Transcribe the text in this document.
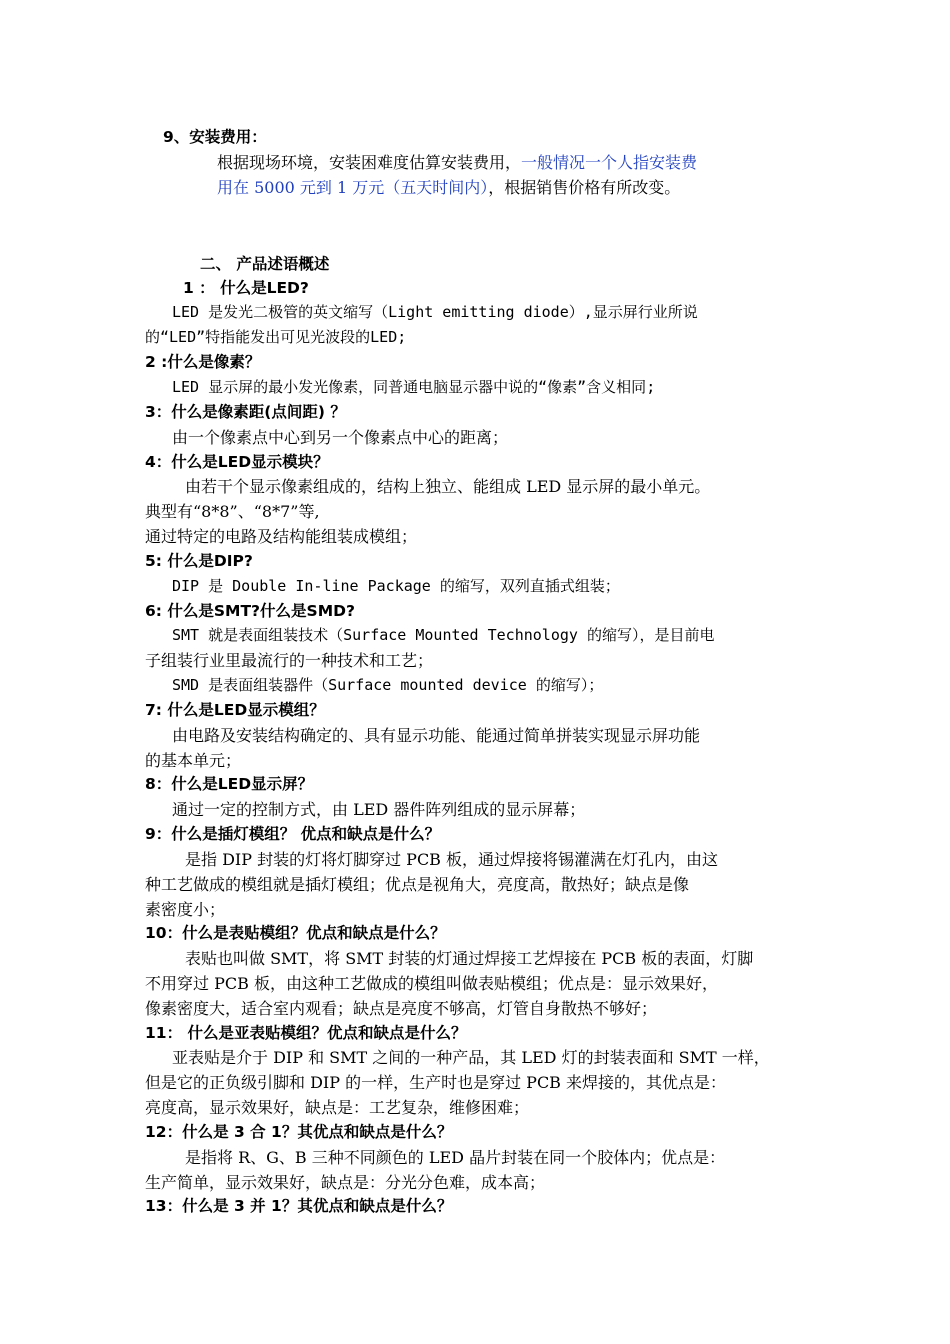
9、安装费用：
根据现场环境，安装困难度估算安装费用，一般情况一个人指安装费
用在 5000 元到 1 万元（五天时间内），根据销售价格有所改变。
二、 产品述语概述
1 ： 什么是LED?
LED 是发光二极管的英文缩写（Light emitting diode）,显示屏行业所说
的“LED”特指能发出可见光波段的LED;
2 :什么是像素？
LED 显示屏的最小发光像素，同普通电脑显示器中说的“像素”含义相同;
3：什么是像素距(点间距) ？
由一个像素点中心到另一个像素点中心的距离；
4：什么是LED显示模块？
由若干个显示像素组成的，结构上独立、能组成 LED 显示屏的最小单元。
典型有“8*8”、“8*7”等,
通过特定的电路及结构能组装成模组；
5: 什么是DIP?
DIP 是 Double In-line Package 的缩写，双列直插式组装；
6: 什么是SMT?什么是SMD?
SMT 就是表面组装技术（Surface Mounted Technology 的缩写），是目前电
子组装行业里最流行的一种技术和工艺；
SMD 是表面组装器件（Surface mounted device 的缩写）；
7: 什么是LED显示模组？
由电路及安装结构确定的、具有显示功能、能通过简单拼装实现显示屏功能
的基本单元；
8：什么是LED显示屏？
通过一定的控制方式，由 LED 器件阵列组成的显示屏幕；
9：什么是插灯模组？ 优点和缺点是什么？
是指 DIP 封装的灯将灯脚穿过 PCB 板，通过焊接将锡灌满在灯孔内，由这
种工艺做成的模组就是插灯模组；优点是视角大，亮度高，散热好；缺点是像
素密度小；
10：什么是表贴模组？优点和缺点是什么？
表贴也叫做 SMT，将 SMT 封装的灯通过焊接工艺焊接在 PCB 板的表面，灯脚
不用穿过 PCB 板，由这种工艺做成的模组叫做表贴模组；优点是：显示效果好，
像素密度大，适合室内观看；缺点是亮度不够高，灯管自身散热不够好；
11： 什么是亚表贴模组？优点和缺点是什么？
亚表贴是介于 DIP 和 SMT 之间的一种产品，其 LED 灯的封装表面和 SMT 一样，
但是它的正负级引脚和 DIP 的一样，生产时也是穿过 PCB 来焊接的，其优点是：
亮度高，显示效果好，缺点是：工艺复杂，维修困难；
12：什么是 3 合 1？其优点和缺点是什么？
是指将 R、G、B 三种不同颜色的 LED 晶片封装在同一个胶体内；优点是：
生产简单，显示效果好，缺点是：分光分色难，成本高；
13：什么是 3 并 1？其优点和缺点是什么？
